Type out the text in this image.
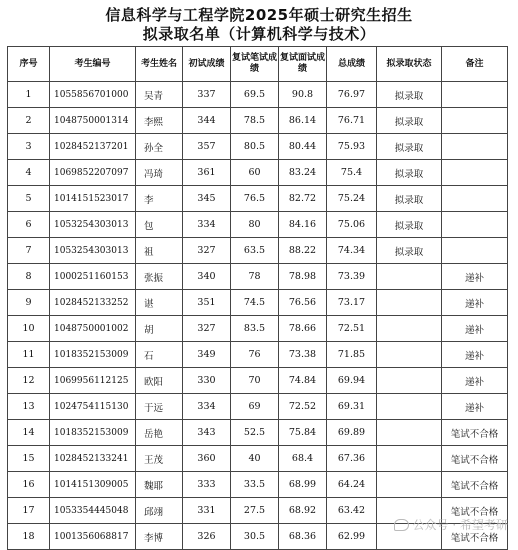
信息科学与工程学院2025年硕士研究生招生
拟录取名单（计算机科学与技术）
序号	考生编号	考生姓名	初试成绩	复试笔试成绩	复试面试成绩	总成绩	拟录取状态	备注
1	1055856701000	吴青	337	69.5	90.8	76.97	拟录取	
2	1048750001314	李熙	344	78.5	86.14	76.71	拟录取	
3	1028452137201	孙全	357	80.5	80.44	75.93	拟录取	
4	1069852207097	冯琦	361	60	83.24	75.4	拟录取	
5	1014151523017	李	345	76.5	82.72	75.24	拟录取	
6	1053254303013	包	334	80	84.16	75.06	拟录取	
7	1053254303013	祖	327	63.5	88.22	74.34	拟录取	
8	1000251160153	张振	340	78	78.98	73.39		递补
9	1028452133252	谌	351	74.5	76.56	73.17		递补
10	1048750001002	胡	327	83.5	78.66	72.51		递补
11	1018352153009	石	349	76	73.38	71.85		递补
12	1069956112125	欧阳	330	70	74.84	69.94		递补
13	1024754115130	于远	334	69	72.52	69.31		递补
14	1018352153009	岳艳	343	52.5	75.84	69.89		笔试不合格
15	1028452133241	王茂	360	40	68.4	67.36		笔试不合格
16	1014151309005	魏耶	333	33.5	68.99	64.24		笔试不合格
17	1053354445048	邱翊	331	27.5	68.92	63.42		笔试不合格
18	1001356068817	李博	326	30.5	68.36	62.99		笔试不合格
公众号 · 希望考研
